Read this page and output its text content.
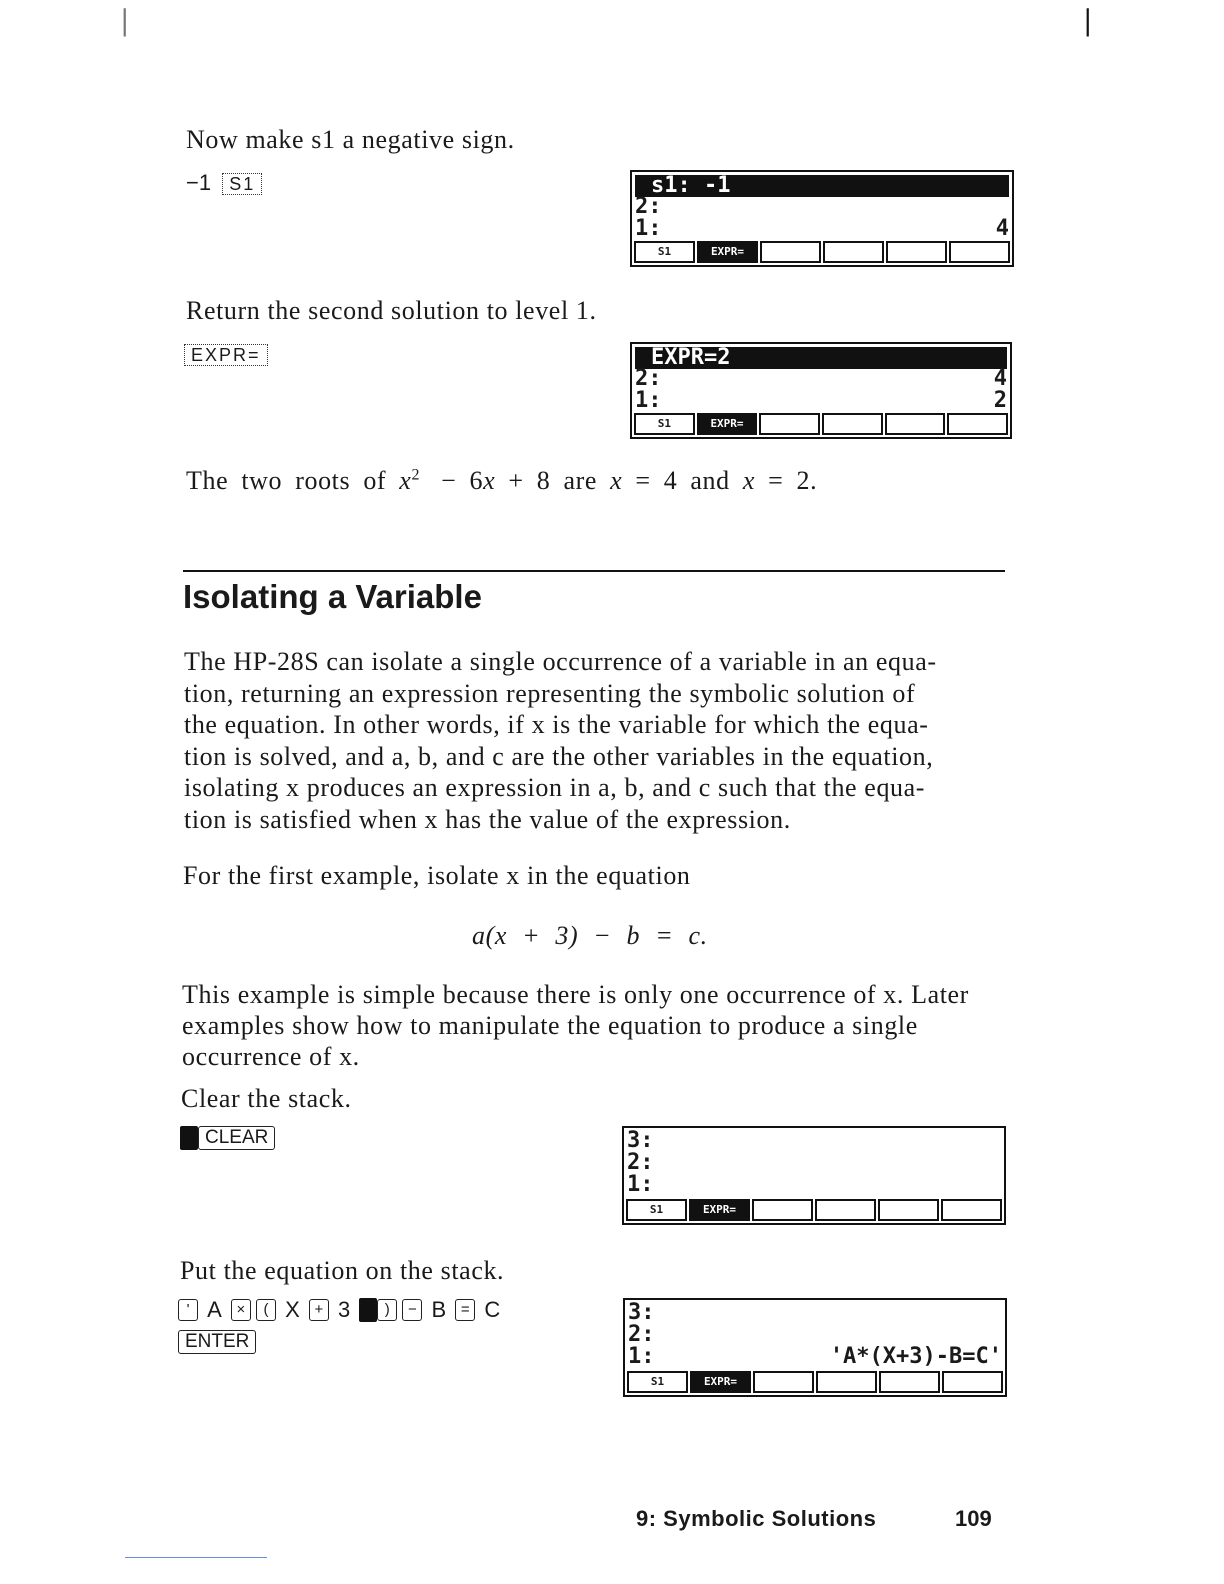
|	|
Now make s1 a negative sign.
−1 S1	s1: -1
2:
1:	4
S1	EXPR=
Return the second solution to level 1.
EXPR=	EXPR=2
2:	4
1:	2
S1	EXPR=
The two roots of $x^2 - 6x + 8$ are x = 4 and x = 2.
Isolating a Variable
The HP-28S can isolate a single occurrence of a variable in an equa-
tion, returning an expression representing the symbolic solution of
the equation. In other words, if x is the variable for which the equa-
tion is solved, and a, b, and c are the other variables in the equation,
isolating x produces an expression in a, b, and c such that the equa-
tion is satisfied when x has the value of the expression.
For the first example, isolate x in the equation
a(x + 3) − b = c.
This example is simple because there is only one occurrence of x. Later
examples show how to manipulate the equation to produce a single
occurrence of x.
Clear the stack.
CLEAR	3:
2:
1:
S1	EXPR=
Put the equation on the stack.
' A × ( X + 3 ) − B = C
ENTER
3:
2:
1:	'A*(X+3)-B=C'
S1	EXPR=
9: Symbolic Solutions	109
